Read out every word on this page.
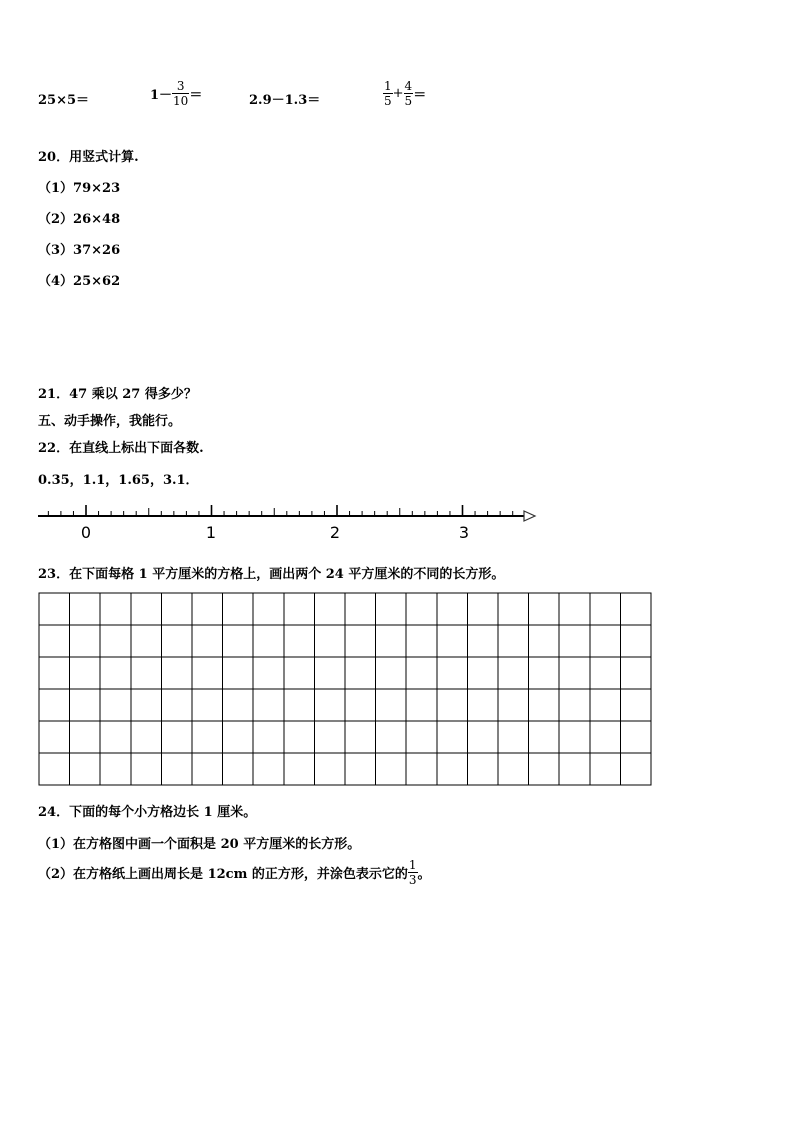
25×5＝	$1- \frac{3}{10}$ ＝	2.9－1.3＝	$\frac{1}{5} + \frac{4}{5}$ ＝
20．用竖式计算.
（1）79×23
（2）26×48
（3）37×26
（4）25×62
21．47 乘以 27 得多少？
五、动手操作，我能行。
22．在直线上标出下面各数.
0.35，1.1，1.65，3.1．
0	1	2	3
23．在下面每格 1 平方厘米的方格上，画出两个 24 平方厘米的不同的长方形。
24．下面的每个小方格边长 1 厘米。
（1）在方格图中画一个面积是 20 平方厘米的长方形。
（2）在方格纸上画出周长是 12cm 的正方形，并涂色表示它的 $\frac{1}{3}$ 。
